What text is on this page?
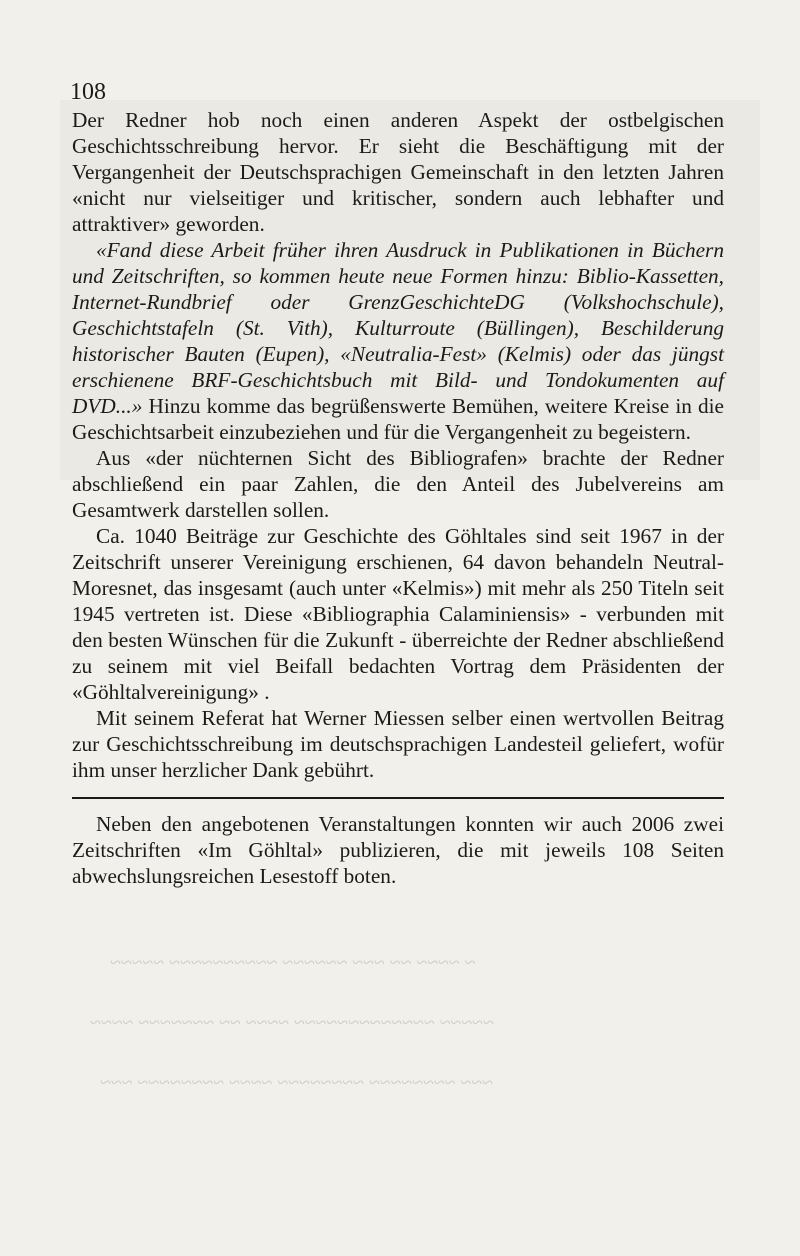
~ ~~~~ ~~ ~~~ ~~~~~~ ~~~~~~~~~~ ~~~~~
~~~~~ ~~~~~~~~~~~~~ ~~~~ ~~ ~~~~~~~ ~~~~
~~~ ~~~~~~~~ ~~~~~~~~ ~~~~ ~~~~~~~~ ~~~
108

Der Redner hob noch einen anderen Aspekt der ostbelgischen Geschichtsschreibung hervor. Er sieht die Beschäftigung mit der Vergangenheit der Deutschsprachigen Gemeinschaft in den letzten Jahren «nicht nur vielseitiger und kritischer, sondern auch lebhafter und attraktiver» geworden.

«Fand diese Arbeit früher ihren Ausdruck in Publikationen in Büchern und Zeitschriften, so kommen heute neue Formen hinzu: Biblio-Kassetten, Internet-Rundbrief oder GrenzGeschichteDG (Volkshochschule), Geschichtstafeln (St. Vith), Kulturroute (Büllingen), Beschilderung historischer Bauten (Eupen), «Neutralia-Fest» (Kelmis) oder das jüngst erschienene BRF-Geschichtsbuch mit Bild- und Tondokumenten auf DVD...» Hinzu komme das begrüßenswerte Bemühen, weitere Kreise in die Geschichtsarbeit einzubeziehen und für die Vergangenheit zu begeistern.

Aus «der nüchternen Sicht des Bibliografen» brachte der Redner abschließend ein paar Zahlen, die den Anteil des Jubelvereins am Gesamtwerk darstellen sollen.

Ca. 1040 Beiträge zur Geschichte des Göhltales sind seit 1967 in der Zeitschrift unserer Vereinigung erschienen, 64 davon behandeln Neutral-Moresnet, das insgesamt (auch unter «Kelmis») mit mehr als 250 Titeln seit 1945 vertreten ist. Diese «Bibliographia Calaminiensis» - verbunden mit den besten Wünschen für die Zukunft - überreichte der Redner abschließend zu seinem mit viel Beifall bedachten Vortrag dem Präsidenten der «Göhltalvereinigung» .

Mit seinem Referat hat Werner Miessen selber einen wertvollen Beitrag zur Geschichtsschreibung im deutschsprachigen Landesteil geliefert, wofür ihm unser herzlicher Dank gebührt.

Neben den angebotenen Veranstaltungen konnten wir auch 2006 zwei Zeitschriften «Im Göhltal» publizieren, die mit jeweils 108 Seiten abwechslungsreichen Lesestoff boten.
